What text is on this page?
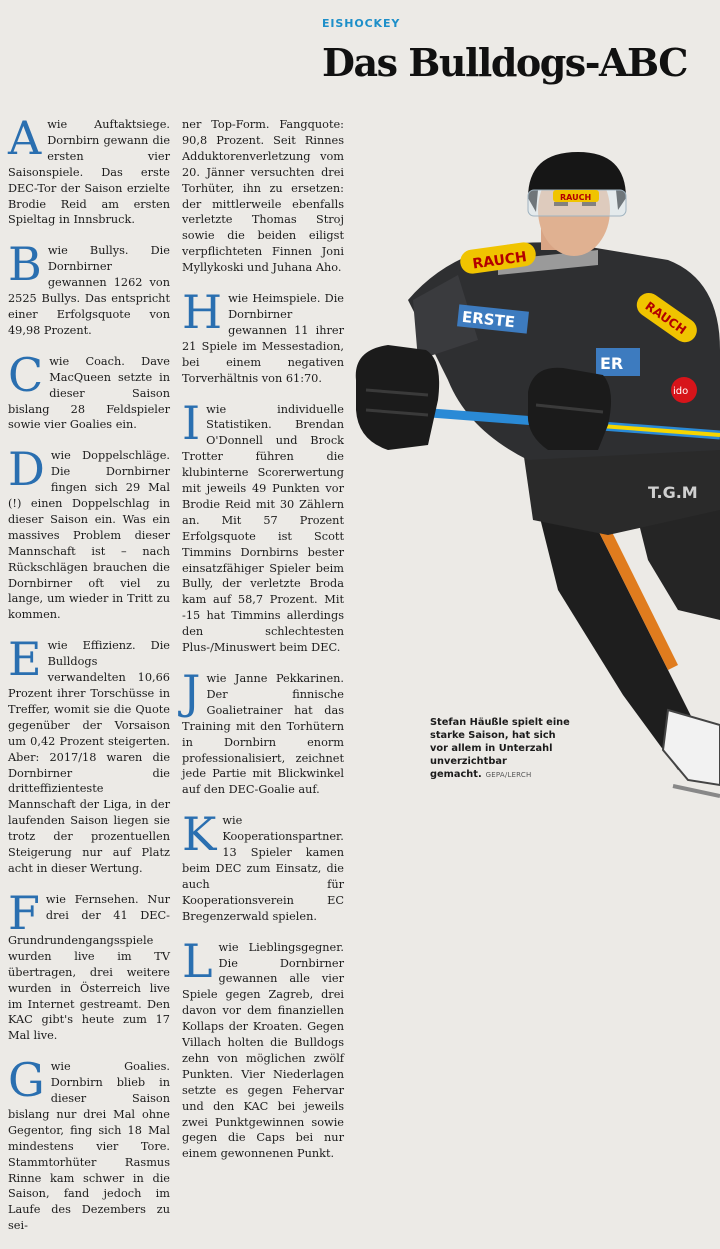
EISHOCKEY
Das Bulldogs-ABC

Awie Auftaktsiege. Dornbirn gewann die ersten vier Saisonspiele. Das erste DEC-Tor der Saison erzielte Brodie Reid am ersten Spieltag in Innsbruck.

Bwie Bullys. Die Dornbirner gewannen 1262 von 2525 Bullys. Das entspricht einer Erfolgsquote von 49,98 Prozent.

Cwie Coach. Dave MacQueen setzte in dieser Saison bislang 28 Feldspieler sowie vier Goalies ein.

Dwie Doppelschläge. Die Dornbirner fingen sich 29 Mal (!) einen Doppelschlag in dieser Saison ein. Was ein massives Problem dieser Mannschaft ist – nach Rückschlägen brauchen die Dornbirner oft viel zu lange, um wieder in Tritt zu kommen.

Ewie Effizienz. Die Bulldogs verwandelten 10,66 Prozent ihrer Torschüsse in Treffer, womit sie die Quote gegenüber der Vorsaison um 0,42 Prozent steigerten. Aber: 2017/18 waren die Dornbirner die dritteffizienteste Mannschaft der Liga, in der laufenden Saison liegen sie trotz der prozentuellen Steigerung nur auf Platz acht in dieser Wertung.

Fwie Fernsehen. Nur drei der 41 DEC-Grundrundengangsspiele wurden live im TV übertragen, drei weitere wurden in Österreich live im Internet gestreamt. Den KAC gibt's heute zum 17 Mal live.

Gwie Goalies. Dornbirn blieb in dieser Saison bislang nur drei Mal ohne Gegentor, fing sich 18 Mal mindestens vier Tore. Stammtorhüter Rasmus Rinne kam schwer in die Saison, fand jedoch im Laufe des Dezembers zu sei-

ner Top-Form. Fangquote: 90,8 Prozent. Seit Rinnes Adduktorenverletzung vom 20. Jänner versuchten drei Torhüter, ihn zu ersetzen: der mittlerweile ebenfalls verletzte Thomas Stroj sowie die beiden eiligst verpflichteten Finnen Joni Myllykoski und Juhana Aho.

Hwie Heimspiele. Die Dornbirner gewannen 11 ihrer 21 Spiele im Messestadion, bei einem negativen Torverhältnis von 61:70.

Iwie individuelle Statistiken. Brendan O'Donnell und Brock Trotter führen die klubinterne Scorerwertung mit jeweils 49 Punkten vor Brodie Reid mit 30 Zählern an. Mit 57 Prozent Erfolgsquote ist Scott Timmins Dornbirns bester einsatzfähiger Spieler beim Bully, der verletzte Broda kam auf 58,7 Prozent. Mit -15 hat Timmins allerdings den schlechtesten Plus-/Minuswert beim DEC.

Jwie Janne Pekkarinen. Der finnische Goalietrainer hat das Training mit den Torhütern in Dornbirn enorm professionalisiert, zeichnet jede Partie mit Blickwinkel auf den DEC-Goalie auf.

Kwie Kooperationspartner. 13 Spieler kamen beim DEC zum Einsatz, die auch für Kooperationsverein EC Bregenzerwald spielen.

Lwie Lieblingsgegner. Die Dornbirner gewannen alle vier Spiele gegen Zagreb, drei davon vor dem finanziellen Kollaps der Kroaten. Gegen Villach holten die Bulldogs zehn von möglichen zwölf Punkten. Vier Niederlagen setzte es gegen Fehervar und den KAC bei jeweils zwei Punktgewinnen sowie gegen die Caps bei nur einem gewonnenen Punkt.

T.G.M
RAUCH
RAUCH
RAUCH
ERSTE
ER
ido
Stefan Häußle spielt eine starke Saison, hat sich vor allem in Unterzahl unverzichtbar gemacht. GEPA/LERCH
